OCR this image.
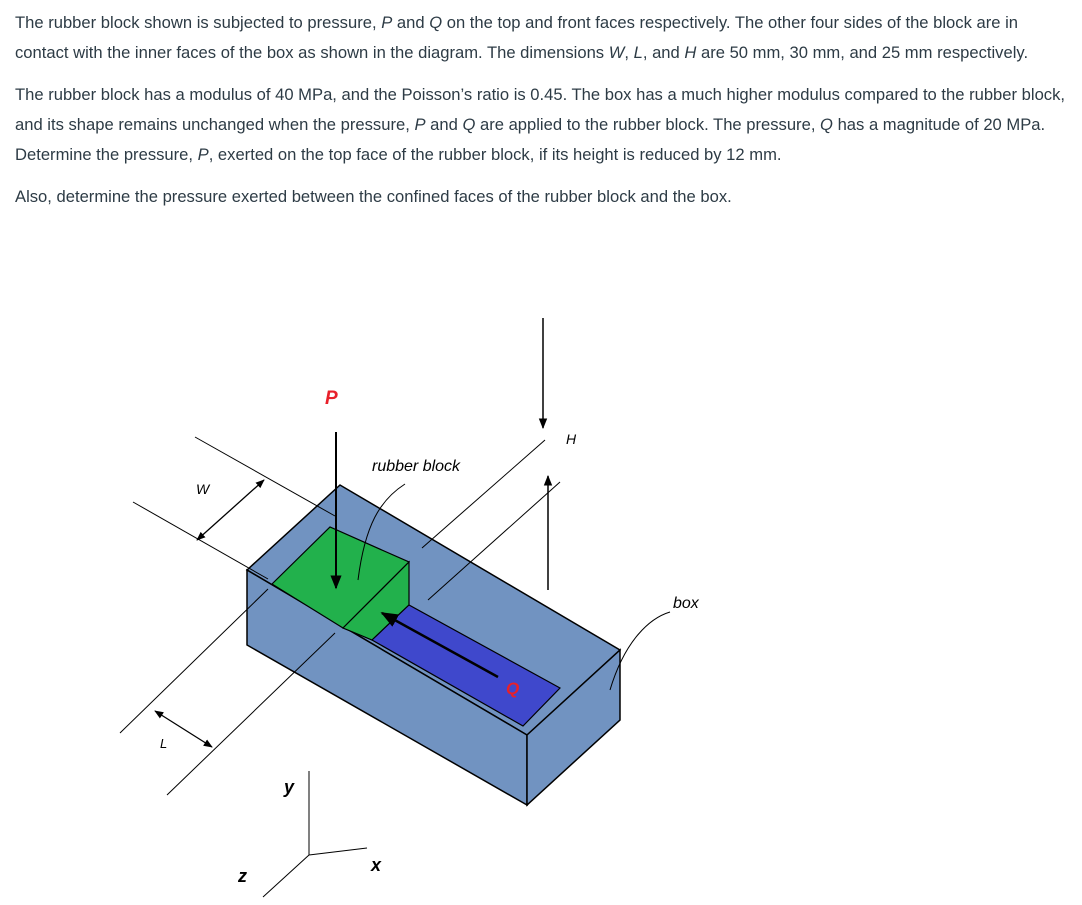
The rubber block shown is subjected to pressure, P and Q on the top and front faces respectively. The other four sides of the block are in contact with the inner faces of the box as shown in the diagram. The dimensions W, L, and H are 50 mm, 30 mm, and 25 mm respectively.

The rubber block has a modulus of 40 MPa, and the Poisson’s ratio is 0.45. The box has a much higher modulus compared to the rubber block, and its shape remains unchanged when the pressure, P and Q are applied to the rubber block. The pressure, Q has a magnitude of 20 MPa. Determine the pressure, P, exerted on the top face of the rubber block, if its height is reduced by 12 mm.

Also, determine the pressure exerted between the confined faces of the rubber block and the box.

Q
P
rubber block
box
H
W
L
y
x
z
